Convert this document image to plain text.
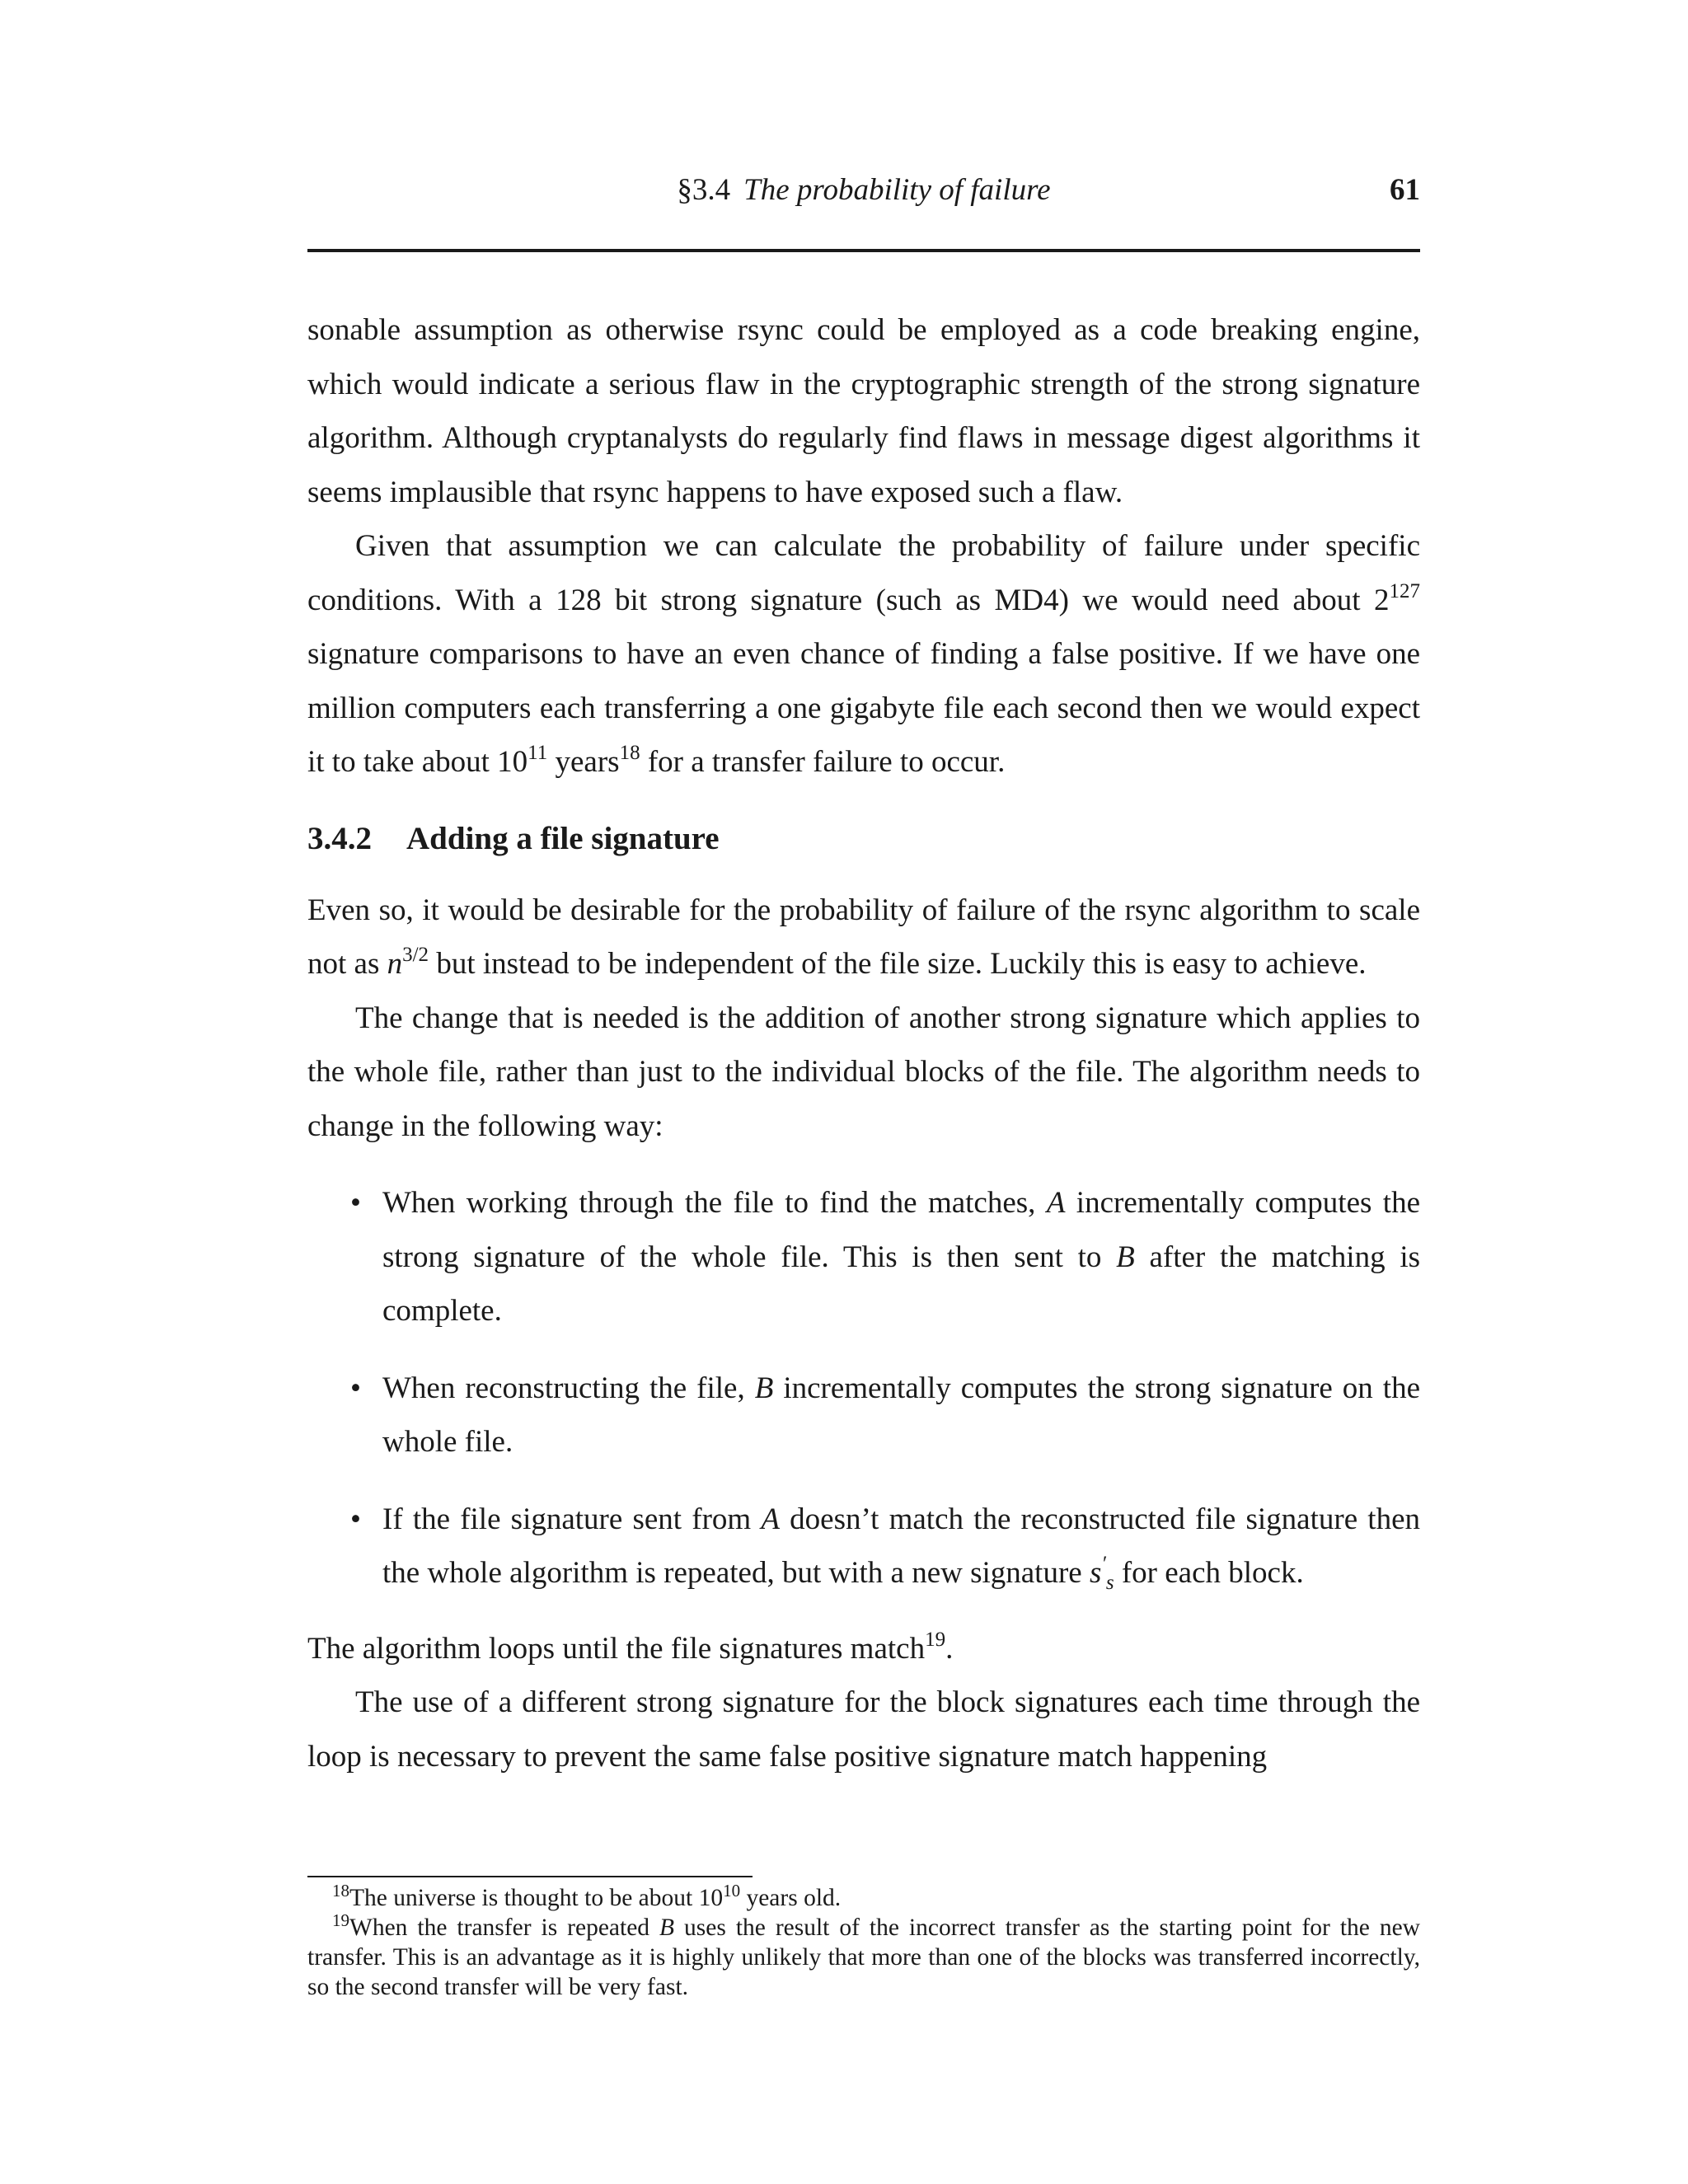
§3.4 The probability of failure	61

sonable assumption as otherwise rsync could be employed as a code breaking engine, which would indicate a serious flaw in the cryptographic strength of the strong signature algorithm. Although cryptanalysts do regularly find flaws in message digest algorithms it seems implausible that rsync happens to have exposed such a flaw.

Given that assumption we can calculate the probability of failure under specific conditions. With a 128 bit strong signature (such as MD4) we would need about $2^{127}$ signature comparisons to have an even chance of finding a false positive. If we have one million computers each transferring a one gigabyte file each second then we would expect it to take about $10^{11}$ years$^{18}$ for a transfer failure to occur.

3.4.2 Adding a file signature

Even so, it would be desirable for the probability of failure of the rsync algorithm to scale not as $n^{3/2}$ but instead to be independent of the file size. Luckily this is easy to achieve.

The change that is needed is the addition of another strong signature which applies to the whole file, rather than just to the individual blocks of the file. The algorithm needs to change in the following way:

• When working through the file to find the matches, A incrementally computes the strong signature of the whole file. This is then sent to B after the matching is complete.
• When reconstructing the file, B incrementally computes the strong signature on the whole file.
• If the file signature sent from A doesn’t match the reconstructed file signature then the whole algorithm is repeated, but with a new signature $s'_s$ for each block.

The algorithm loops until the file signatures match$^{19}$.

The use of a different strong signature for the block signatures each time through the loop is necessary to prevent the same false positive signature match happening

$^{18}$The universe is thought to be about $10^{10}$ years old.

$^{19}$When the transfer is repeated B uses the result of the incorrect transfer as the starting point for the new transfer. This is an advantage as it is highly unlikely that more than one of the blocks was transferred incorrectly, so the second transfer will be very fast.
